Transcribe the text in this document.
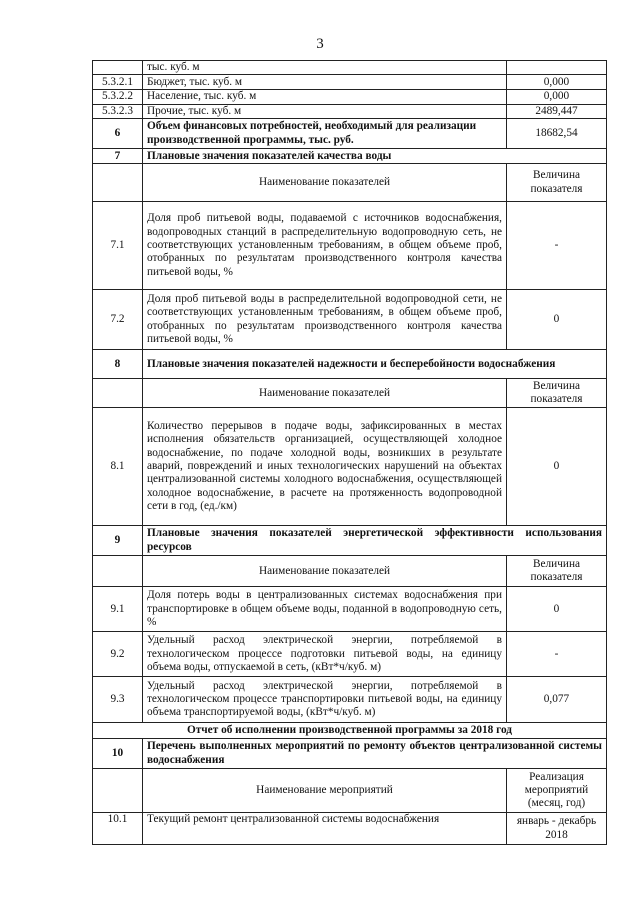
3
	тыс. куб. м	
5.3.2.1	Бюджет, тыс. куб. м	0,000
5.3.2.2	Население, тыс. куб. м	0,000
5.3.2.3	Прочие, тыс. куб. м	2489,447
6	Объем финансовых потребностей, необходимый для реализации производственной программы, тыс. руб.	18682,54
7	Плановые значения показателей качества воды	
	Наименование показателей	Величина показателя
7.1	Доля проб питьевой воды, подаваемой с источников водоснабжения, водопроводных станций в распределительную водопроводную сеть, не соответствующих установленным требованиям, в общем объеме проб, отобранных по результатам производственного контроля качества питьевой воды, %	-
7.2	Доля проб питьевой воды в распределительной водопроводной сети, не соответствующих установленным требованиям, в общем объеме проб, отобранных по результатам производственного контроля качества питьевой воды, %	0
8	Плановые значения показателей надежности и бесперебойности водоснабжения	
	Наименование показателей	Величина показателя
8.1	Количество перерывов в подаче воды, зафиксированных в местах исполнения обязательств организацией, осуществляющей холодное водоснабжение, по подаче холодной воды, возникших в результате аварий, повреждений и иных технологических нарушений на объектах централизованной системы холодного водоснабжения, осуществляющей холодное водоснабжение, в расчете на протяженность водопроводной сети в год, (ед./км)	0
9	Плановые значения показателей энергетической эффективности использования ресурсов	
	Наименование показателей	Величина показателя
9.1	Доля потерь воды в централизованных системах водоснабжения при транспортировке в общем объеме воды, поданной в водопроводную сеть, %	0
9.2	Удельный расход электрической энергии, потребляемой в технологическом процессе подготовки питьевой воды, на единицу объема воды, отпускаемой в сеть, (кВт*ч/куб. м)	-
9.3	Удельный расход электрической энергии, потребляемой в технологическом процессе транспортировки питьевой воды, на единицу объема транспортируемой воды, (кВт*ч/куб. м)	0,077
Отчет об исполнении производственной программы за 2018 год		
10	Перечень выполненных мероприятий по ремонту объектов централизованной системы водоснабжения	
	Наименование мероприятий	Реализация мероприятий (месяц, год)
10.1	Текущий ремонт централизованной системы водоснабжения	январь - декабрь 2018
